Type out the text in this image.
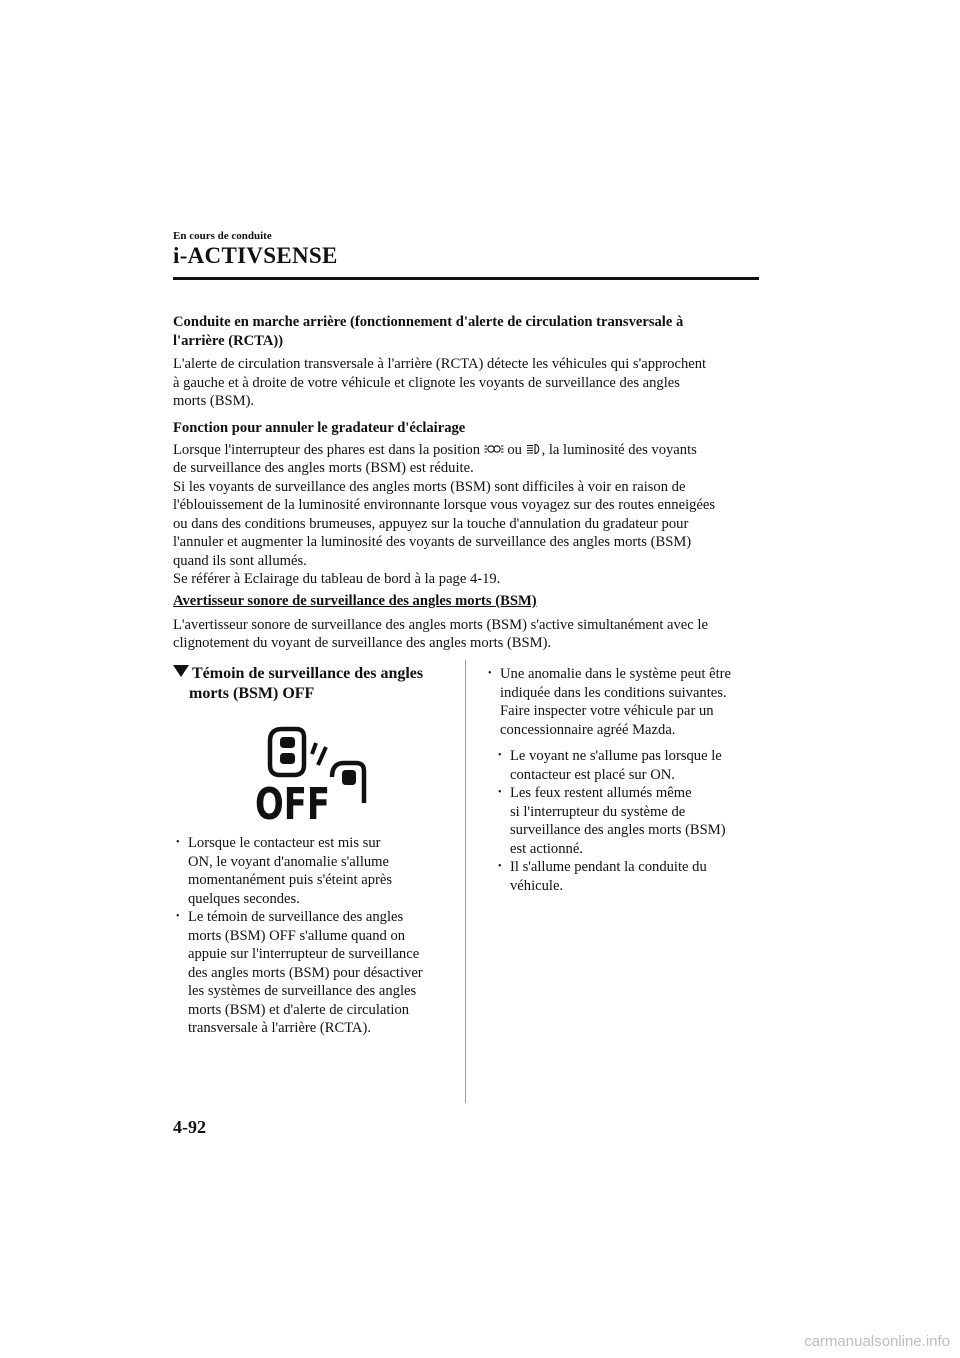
En cours de conduite
i-ACTIVSENSE
Conduite en marche arrière (fonctionnement d'alerte de circulation transversale à
l'arrière (RCTA))
L'alerte de circulation transversale à l'arrière (RCTA) détecte les véhicules qui s'approchent
à gauche et à droite de votre véhicule et clignote les voyants de surveillance des angles
morts (BSM).
Fonction pour annuler le gradateur d'éclairage
Lorsque l'interrupteur des phares est dans la position ou , la luminosité des voyants
de surveillance des angles morts (BSM) est réduite.
Si les voyants de surveillance des angles morts (BSM) sont difficiles à voir en raison de
l'éblouissement de la luminosité environnante lorsque vous voyagez sur des routes enneigées
ou dans des conditions brumeuses, appuyez sur la touche d'annulation du gradateur pour
l'annuler et augmenter la luminosité des voyants de surveillance des angles morts (BSM)
quand ils sont allumés.
Se référer à Eclairage du tableau de bord à la page 4-19.
Avertisseur sonore de surveillance des angles morts (BSM)
L'avertisseur sonore de surveillance des angles morts (BSM) s'active simultanément avec le
clignotement du voyant de surveillance des angles morts (BSM).
Témoin de surveillance des angles
morts (BSM) OFF
OFF
• Lorsque le contacteur est mis sur
ON, le voyant d'anomalie s'allume
momentanément puis s'éteint après
quelques secondes.
• Le témoin de surveillance des angles
morts (BSM) OFF s'allume quand on
appuie sur l'interrupteur de surveillance
des angles morts (BSM) pour désactiver
les systèmes de surveillance des angles
morts (BSM) et d'alerte de circulation
transversale à l'arrière (RCTA).
• Une anomalie dans le système peut être
indiquée dans les conditions suivantes.
Faire inspecter votre véhicule par un
concessionnaire agréé Mazda.
• Le voyant ne s'allume pas lorsque le
contacteur est placé sur ON.
• Les feux restent allumés même
si l'interrupteur du système de
surveillance des angles morts (BSM)
est actionné.
• Il s'allume pendant la conduite du
véhicule.
4-92
carmanualsonline.info
